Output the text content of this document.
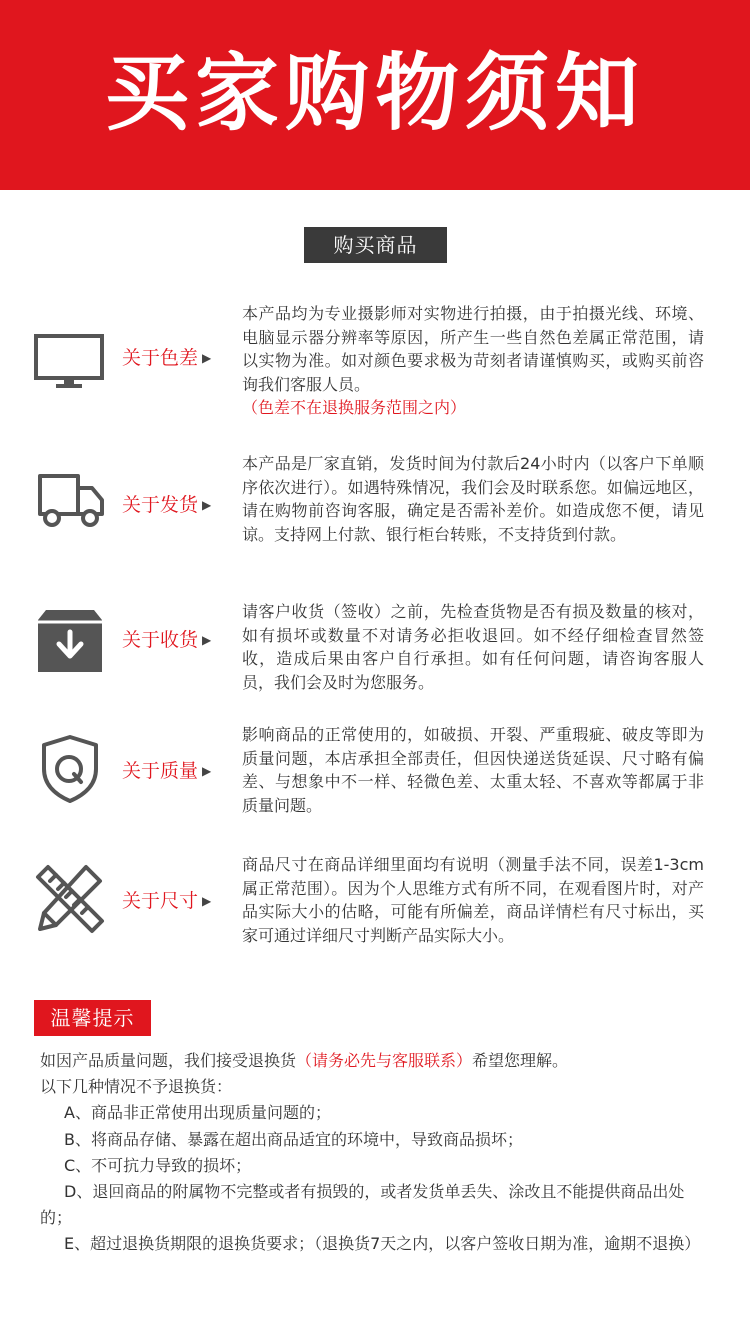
买家购物须知
购买商品
关于色差 ▶
本产品均为专业摄影师对实物进行拍摄，由于拍摄光线、环境、电脑显示器分辨率等原因，所产生一些自然色差属正常范围，请以实物为准。如对颜色要求极为苛刻者请谨慎购买，或购买前咨询我们客服人员。
（色差不在退换服务范围之内）
关于发货 ▶
本产品是厂家直销，发货时间为付款后24小时内（以客户下单顺序依次进行）。如遇特殊情况，我们会及时联系您。如偏远地区，请在购物前咨询客服，确定是否需补差价。如造成您不便，请见谅。支持网上付款、银行柜台转账，不支持货到付款。
关于收货 ▶
请客户收货（签收）之前，先检查货物是否有损及数量的核对，如有损坏或数量不对请务必拒收退回。如不经仔细检查冒然签收，造成后果由客户自行承担。如有任何问题，请咨询客服人员，我们会及时为您服务。
关于质量 ▶
影响商品的正常使用的，如破损、开裂、严重瑕疵、破皮等即为质量问题，本店承担全部责任，但因快递送货延误、尺寸略有偏差、与想象中不一样、轻微色差、太重太轻、不喜欢等都属于非质量问题。
关于尺寸 ▶
商品尺寸在商品详细里面均有说明（测量手法不同，误差1-3cm属正常范围）。因为个人思维方式有所不同，在观看图片时，对产品实际大小的估略，可能有所偏差，商品详情栏有尺寸标出，买家可通过详细尺寸判断产品实际大小。
温馨提示

如因产品质量问题，我们接受退换货（请务必先与客服联系）希望您理解。

以下几种情况不予退换货：

A、商品非正常使用出现质量问题的；

B、将商品存储、暴露在超出商品适宜的环境中，导致商品损坏；

C、不可抗力导致的损坏；

D、退回商品的附属物不完整或者有损毁的，或者发货单丢失、涂改且不能提供商品出处的；

E、超过退换货期限的退换货要求；（退换货7天之内，以客户签收日期为准，逾期不退换）
